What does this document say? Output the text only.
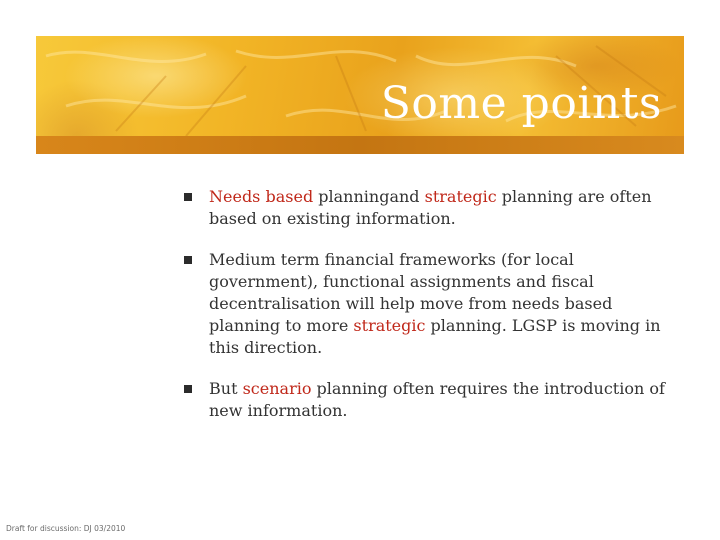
Some points
Needs based planningand strategic planning are often based on existing information.
Medium term financial frameworks (for local government), functional assignments and fiscal decentralisation will help move from needs based planning to more strategic planning. LGSP is moving in this direction.
But scenario planning often requires the introduction of new information.
Draft for discussion: DJ 03/2010
